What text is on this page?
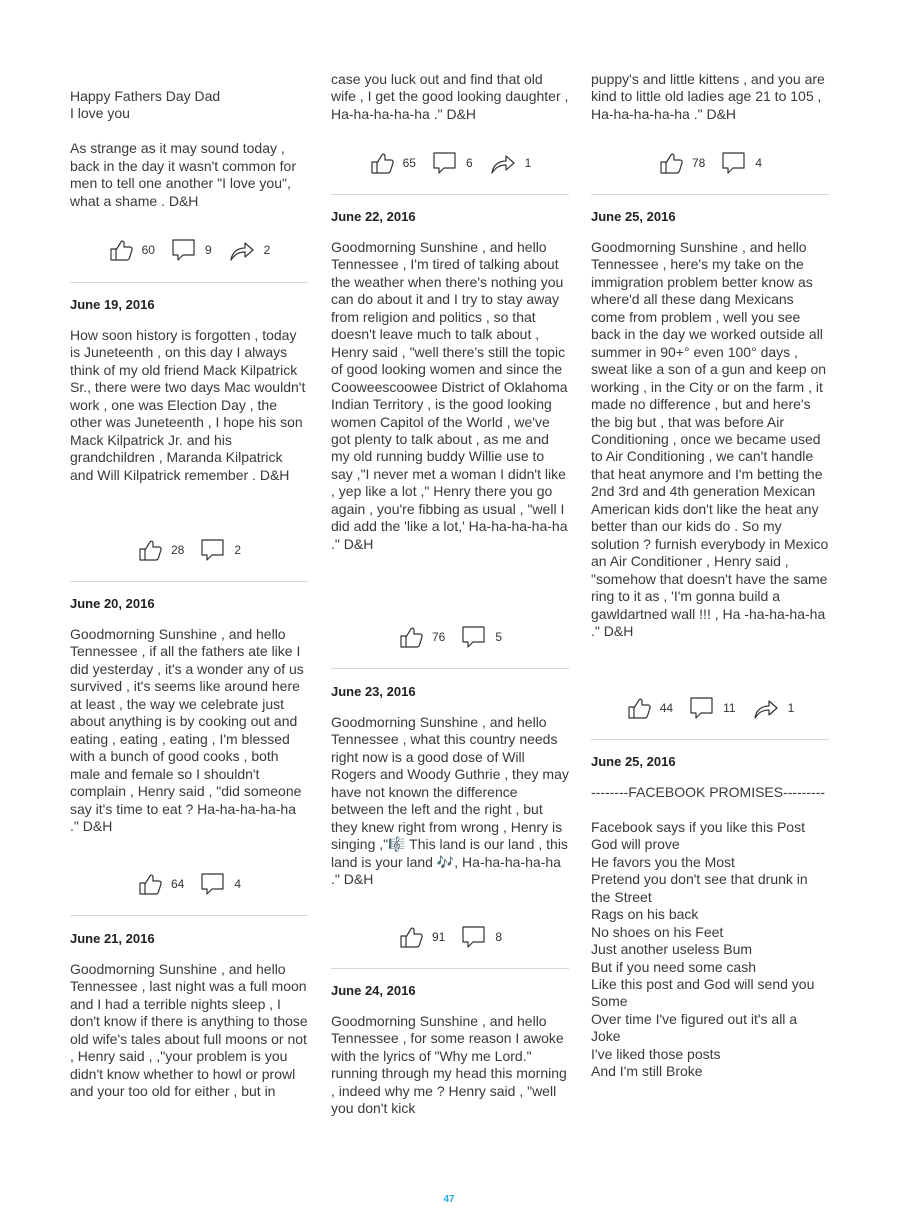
Happy Fathers Day Dad
I love you

As strange as it may sound today , back in the day it wasn't common for men to tell one another "I love you", what a shame . D&H

60	9	2
June 19, 2016

How soon history is forgotten , today is Juneteenth , on this day I always think of my old friend Mack Kilpatrick Sr., there were two days Mac wouldn't work , one was Election Day , the other was Juneteenth , I hope his son Mack Kilpatrick Jr. and his grandchildren , Maranda Kilpatrick and Will Kilpatrick remember . D&H

28	2
June 20, 2016

Goodmorning Sunshine , and hello Tennessee , if all the fathers ate like I did yesterday , it's a wonder any of us survived , it's seems like around here at least , the way we celebrate just about anything is by cooking out and eating , eating , eating , I'm blessed with a bunch of good cooks , both male and female so I shouldn't complain , Henry said , "did someone say it's time to eat ? Ha-ha-ha-ha-ha ." D&H

64	4
June 21, 2016

Goodmorning Sunshine , and hello Tennessee , last night was a full moon and I had a terrible nights sleep , I don't know if there is anything to those old wife's tales about full moons or not , Henry said , ,"your problem is you didn't know whether to howl or prowl and your too old for either , but in

case you luck out and find that old wife , I get the good looking daughter , Ha-ha-ha-ha-ha ." D&H

65	6	1
June 22, 2016

Goodmorning Sunshine , and hello Tennessee , I'm tired of talking about the weather when there's nothing you can do about it and I try to stay away from religion and politics , so that doesn't leave much to talk about , Henry said , "well there's still the topic of good looking women and since the Cooweescoowee District of Oklahoma Indian Territory , is the good looking women Capitol of the World , we've got plenty to talk about , as me and my old running buddy Willie use to say ,"I never met a woman I didn't like , yep like a lot ," Henry there you go again , you're fibbing as usual , "well I did add the 'like a lot,' Ha-ha-ha-ha-ha ." D&H

76	5
June 23, 2016

Goodmorning Sunshine , and hello Tennessee , what this country needs right now is a good dose of Will Rogers and Woody Guthrie , they may have not known the difference between the left and the right , but they knew right from wrong , Henry is singing ,"🎼 This land is our land , this land is your land 🎶, Ha-ha-ha-ha-ha ." D&H

91	8
June 24, 2016

Goodmorning Sunshine , and hello Tennessee , for some reason I awoke with the lyrics of "Why me Lord." running through my head this morning , indeed why me ? Henry said , "well you don't kick

puppy's and little kittens , and you are kind to little old ladies age 21 to 105 , Ha-ha-ha-ha-ha ." D&H

78	4
June 25, 2016

Goodmorning Sunshine , and hello Tennessee , here's my take on the immigration problem better know as where'd all these dang Mexicans come from problem , well you see back in the day we worked outside all summer in 90+° even 100° days , sweat like a son of a gun and keep on working , in the City or on the farm , it made no difference , but and here's the big but , that was before Air Conditioning , once we became used to Air Conditioning , we can't handle that heat anymore and I'm betting the 2nd 3rd and 4th generation Mexican American kids don't like the heat any better than our kids do . So my solution ? furnish everybody in Mexico an Air Conditioner , Henry said , "somehow that doesn't have the same ring to it as , 'I'm gonna build a gawldartned wall !!! , Ha -ha-ha-ha-ha ." D&H

44	11	1
June 25, 2016

--------FACEBOOK PROMISES---------

Facebook says if you like this Post
God will prove
He favors you the Most
Pretend you don't see that drunk in the Street
Rags on his back
No shoes on his Feet
Just another useless Bum
But if you need some cash
Like this post and God will send you Some
Over time I've figured out it's all a Joke
I've liked those posts
And I'm still Broke

47
